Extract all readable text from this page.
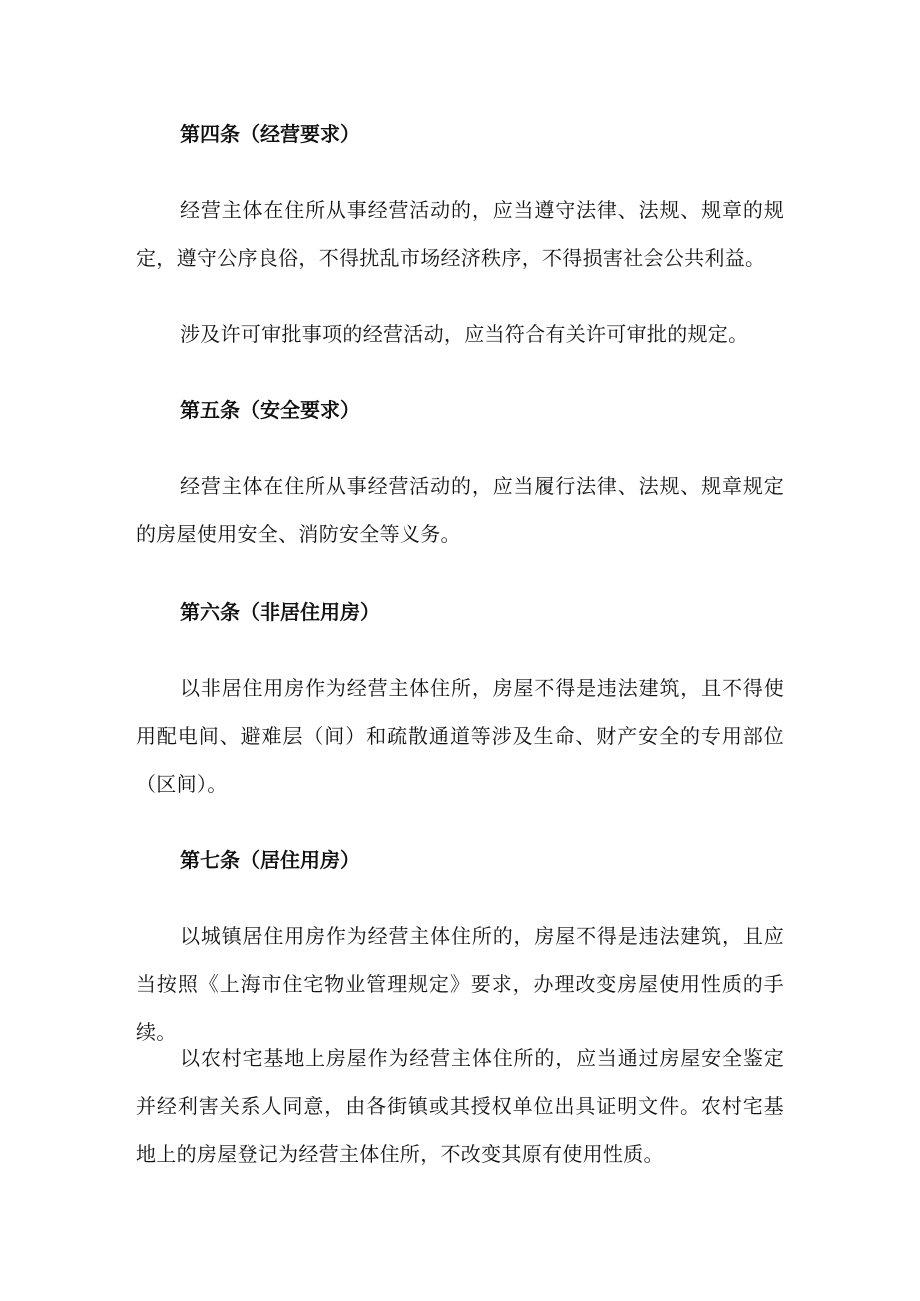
第四条（经营要求）
经营主体在住所从事经营活动的，应当遵守法律、法规、规章的规定，遵守公序良俗，不得扰乱市场经济秩序，不得损害社会公共利益。
涉及许可审批事项的经营活动，应当符合有关许可审批的规定。
第五条（安全要求）
经营主体在住所从事经营活动的，应当履行法律、法规、规章规定的房屋使用安全、消防安全等义务。
第六条（非居住用房）
以非居住用房作为经营主体住所，房屋不得是违法建筑，且不得使用配电间、避难层（间）和疏散通道等涉及生命、财产安全的专用部位（区间）。
第七条（居住用房）
以城镇居住用房作为经营主体住所的，房屋不得是违法建筑，且应当按照《上海市住宅物业管理规定》要求，办理改变房屋使用性质的手续。
以农村宅基地上房屋作为经营主体住所的，应当通过房屋安全鉴定并经利害关系人同意，由各街镇或其授权单位出具证明文件。农村宅基地上的房屋登记为经营主体住所，不改变其原有使用性质。
